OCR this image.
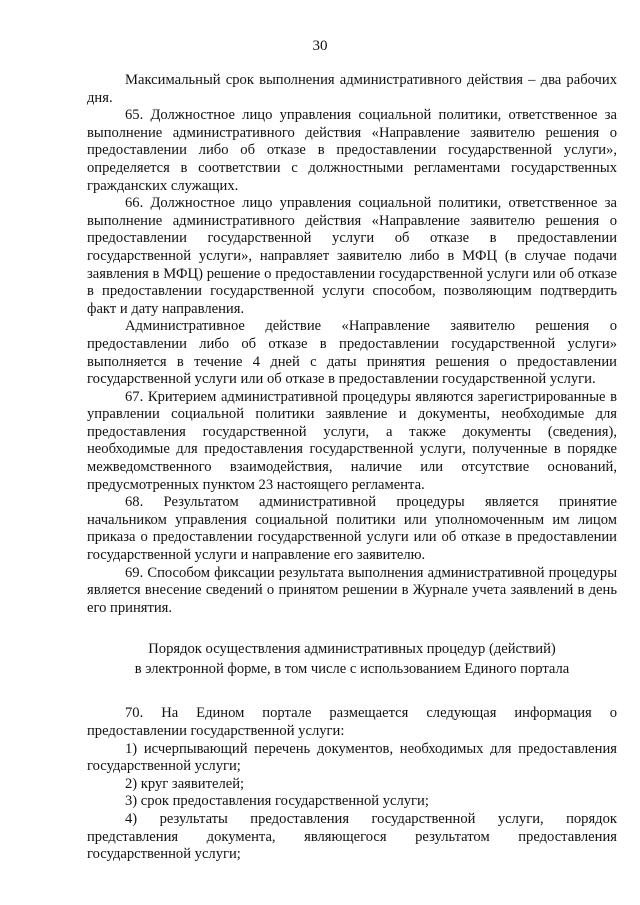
30

Максимальный срок выполнения административного действия – два рабочих дня.

65. Должностное лицо управления социальной политики, ответственное за выполнение административного действия «Направление заявителю решения о предоставлении либо об отказе в предоставлении государственной услуги», определяется в соответствии с должностными регламентами государственных гражданских служащих.

66. Должностное лицо управления социальной политики, ответственное за выполнение административного действия «Направление заявителю решения о предоставлении государственной услуги об отказе в предоставлении государственной услуги», направляет заявителю либо в МФЦ (в случае подачи заявления в МФЦ) решение о предоставлении государственной услуги или об отказе в предоставлении государственной услуги способом, позволяющим подтвердить факт и дату направления.

Административное действие «Направление заявителю решения о предоставлении либо об отказе в предоставлении государственной услуги» выполняется в течение 4 дней с даты принятия решения о предоставлении государственной услуги или об отказе в предоставлении государственной услуги.

67. Критерием административной процедуры являются зарегистрированные в управлении социальной политики заявление и документы, необходимые для предоставления государственной услуги, а также документы (сведения), необходимые для предоставления государственной услуги, полученные в порядке межведомственного взаимодействия, наличие или отсутствие оснований, предусмотренных пунктом 23 настоящего регламента.

68. Результатом административной процедуры является принятие начальником управления социальной политики или уполномоченным им лицом приказа о предоставлении государственной услуги или об отказе в предоставлении государственной услуги и направление его заявителю.

69. Способом фиксации результата выполнения административной процедуры является внесение сведений о принятом решении в Журнале учета заявлений в день его принятия.

Порядок осуществления административных процедур (действий)
в электронной форме, в том числе с использованием Единого портала

70. На Едином портале размещается следующая информация о предоставлении государственной услуги:

1) исчерпывающий перечень документов, необходимых для предоставления государственной услуги;

2) круг заявителей;

3) срок предоставления государственной услуги;

4) результаты предоставления государственной услуги, порядок представления документа, являющегося результатом предоставления государственной услуги;
